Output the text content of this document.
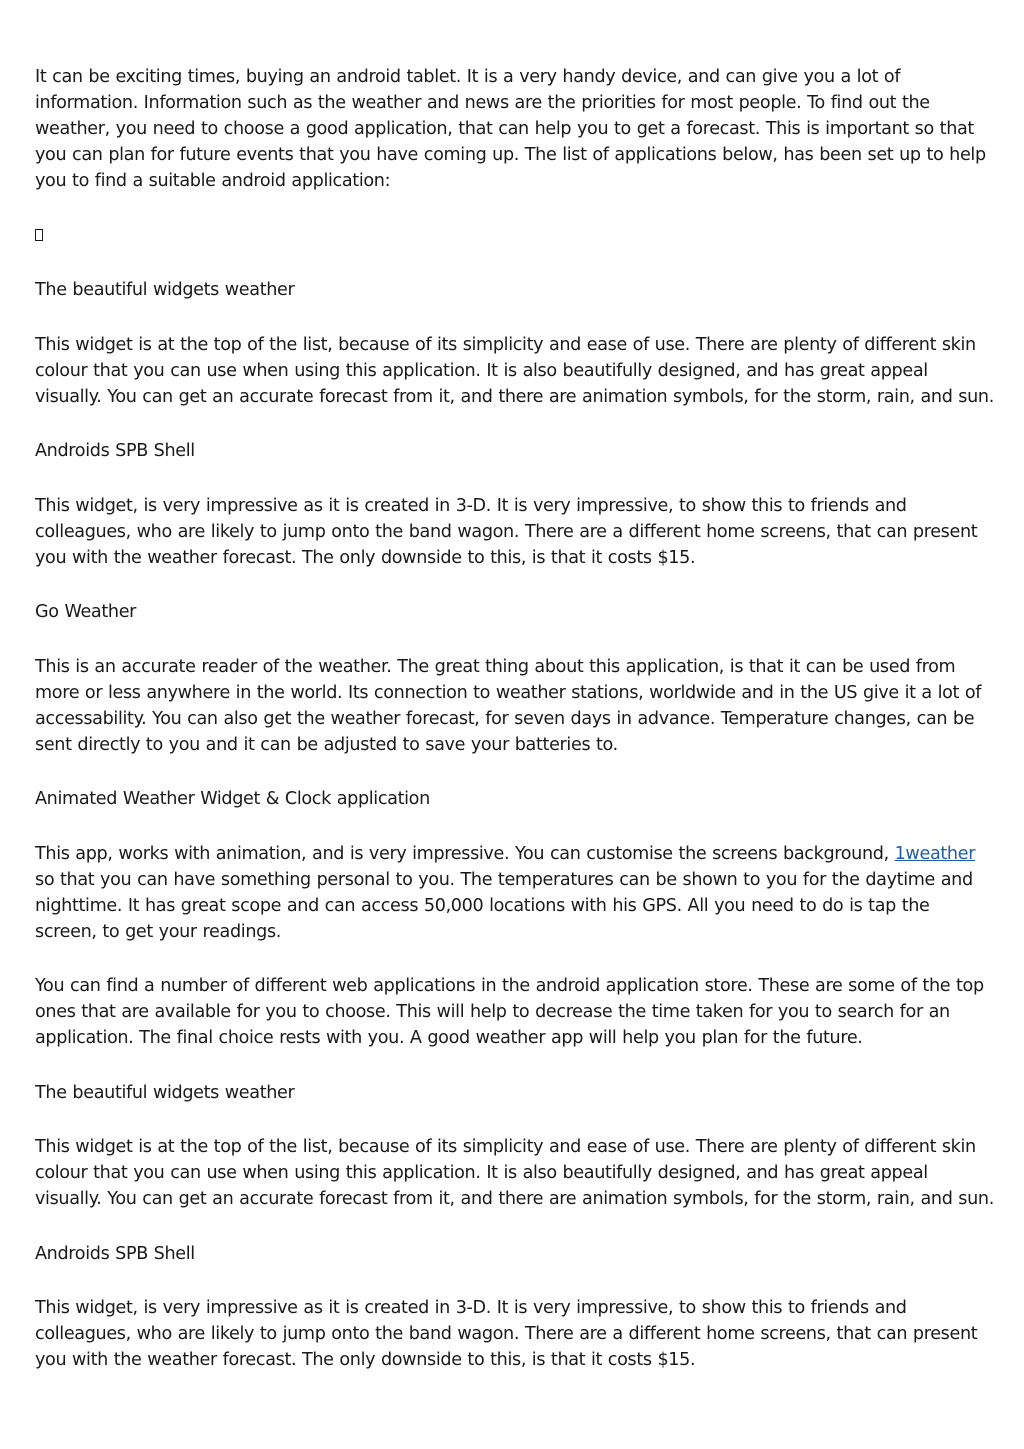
It can be exciting times, buying an android tablet. It is a very handy device, and can give you a lot of information. Information such as the weather and news are the priorities for most people. To find out the weather, you need to choose a good application, that can help you to get a forecast. This is important so that you can plan for future events that you have coming up. The list of applications below, has been set up to help you to find a suitable android application:

The beautiful widgets weather

This widget is at the top of the list, because of its simplicity and ease of use. There are plenty of different skin colour that you can use when using this application. It is also beautifully designed, and has great appeal visually. You can get an accurate forecast from it, and there are animation symbols, for the storm, rain, and sun.

Androids SPB Shell

This widget, is very impressive as it is created in 3-D. It is very impressive, to show this to friends and colleagues, who are likely to jump onto the band wagon. There are a different home screens, that can present you with the weather forecast. The only downside to this, is that it costs $15.

Go Weather

This is an accurate reader of the weather. The great thing about this application, is that it can be used from more or less anywhere in the world. Its connection to weather stations, worldwide and in the US give it a lot of accessability. You can also get the weather forecast, for seven days in advance. Temperature changes, can be sent directly to you and it can be adjusted to save your batteries to.

Animated Weather Widget & Clock application

This app, works with animation, and is very impressive. You can customise the screens background, 1weather so that you can have something personal to you. The temperatures can be shown to you for the daytime and nighttime. It has great scope and can access 50,000 locations with his GPS. All you need to do is tap the screen, to get your readings.

You can find a number of different web applications in the android application store. These are some of the top ones that are available for you to choose. This will help to decrease the time taken for you to search for an application. The final choice rests with you. A good weather app will help you plan for the future.

The beautiful widgets weather

This widget is at the top of the list, because of its simplicity and ease of use. There are plenty of different skin colour that you can use when using this application. It is also beautifully designed, and has great appeal visually. You can get an accurate forecast from it, and there are animation symbols, for the storm, rain, and sun.

Androids SPB Shell

This widget, is very impressive as it is created in 3-D. It is very impressive, to show this to friends and colleagues, who are likely to jump onto the band wagon. There are a different home screens, that can present you with the weather forecast. The only downside to this, is that it costs $15.
